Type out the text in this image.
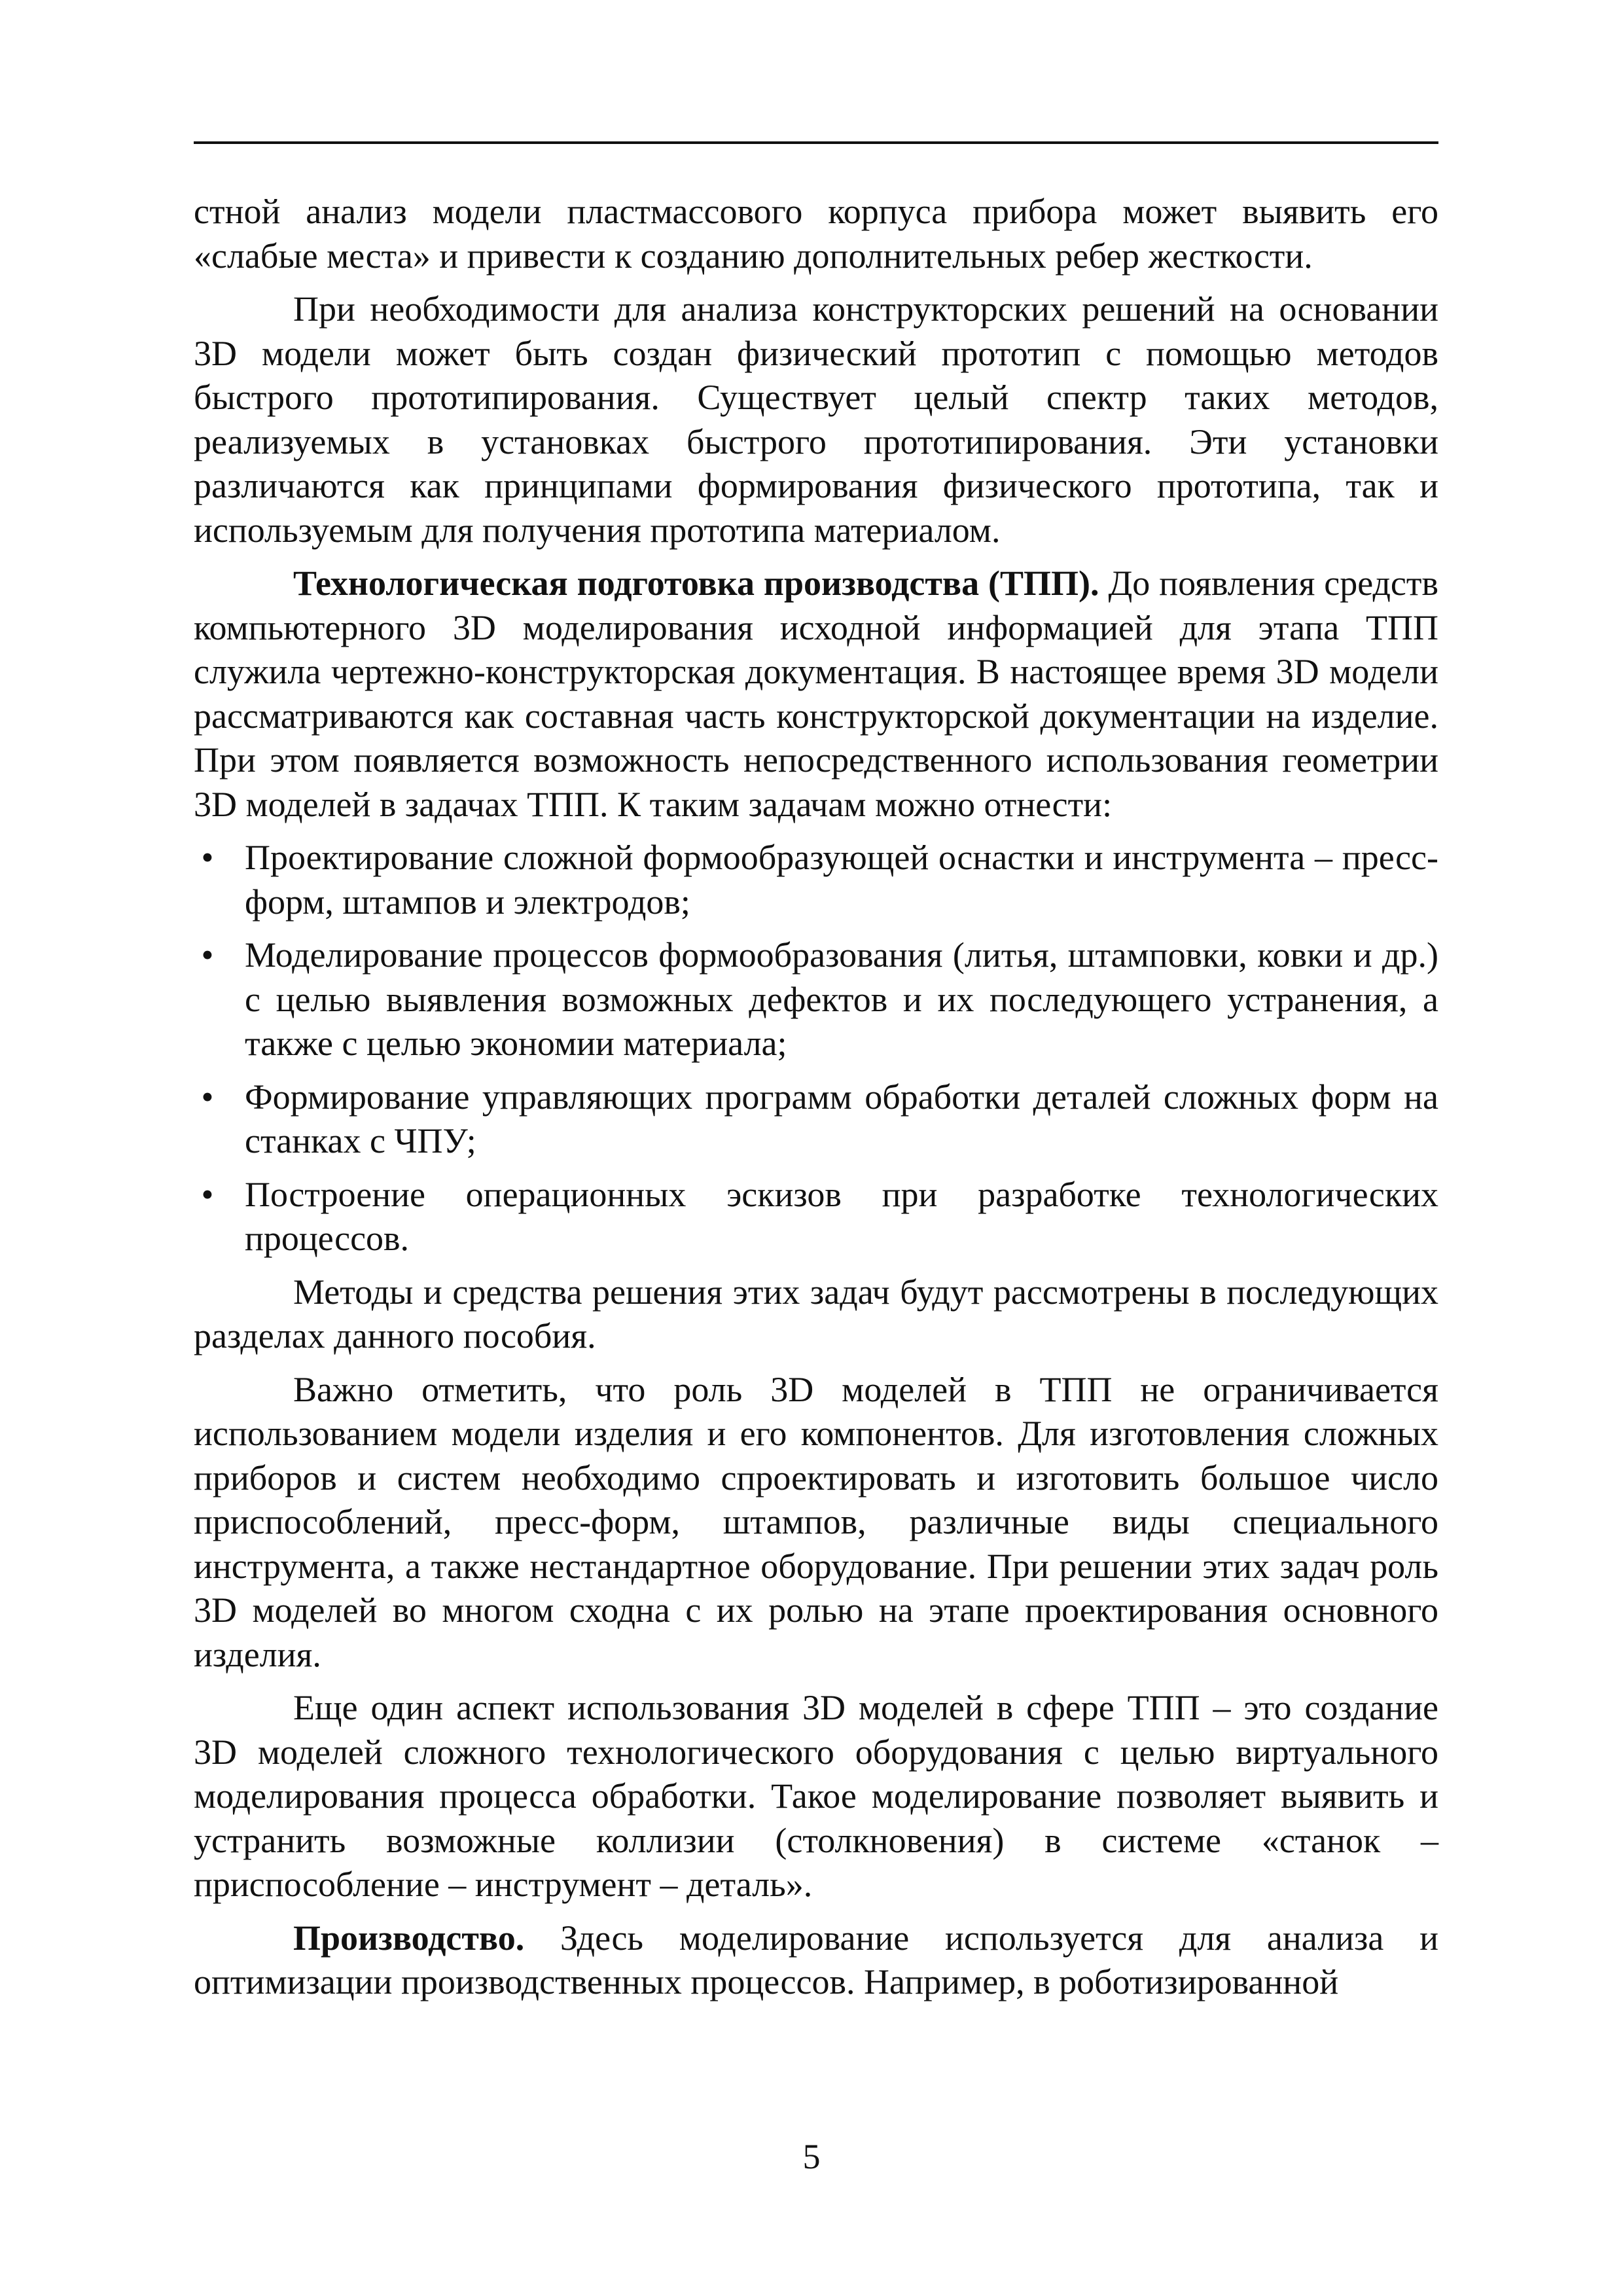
стной анализ модели пластмассового корпуса прибора может выявить его «слабые места» и привести к созданию дополнительных ребер жесткости.

При необходимости для анализа конструкторских решений на основании 3D модели может быть создан физический прототип с помощью методов быстрого прототипирования. Существует целый спектр таких методов, реализуемых в установках быстрого прототипирования. Эти установки различаются как принципами формирования физического прототипа, так и используемым для получения прототипа материалом.

Технологическая подготовка производства (ТПП). До появления средств компьютерного 3D моделирования исходной информацией для этапа ТПП служила чертежно-конструкторская документация. В настоящее время 3D модели рассматриваются как составная часть конструкторской документации на изделие. При этом появляется возможность непосредственного использования геометрии 3D моделей в задачах ТПП. К таким задачам можно отнести:

• Проектирование сложной формообразующей оснастки и инструмента – пресс-форм, штампов и электродов;
• Моделирование процессов формообразования (литья, штамповки, ковки и др.) с целью выявления возможных дефектов и их последующего устранения, а также с целью экономии материала;
• Формирование управляющих программ обработки деталей сложных форм на станках с ЧПУ;
• Построение операционных эскизов при разработке технологических процессов.

Методы и средства решения этих задач будут рассмотрены в последующих разделах данного пособия.

Важно отметить, что роль 3D моделей в ТПП не ограничивается использованием модели изделия и его компонентов. Для изготовления сложных приборов и систем необходимо спроектировать и изготовить большое число приспособлений, пресс-форм, штампов, различные виды специального инструмента, а также нестандартное оборудование. При решении этих задач роль 3D моделей во многом сходна с их ролью на этапе проектирования основного изделия.

Еще один аспект использования 3D моделей в сфере ТПП – это создание 3D моделей сложного технологического оборудования с целью виртуального моделирования процесса обработки. Такое моделирование позволяет выявить и устранить возможные коллизии (столкновения) в системе «станок – приспособление – инструмент – деталь».

Производство. Здесь моделирование используется для анализа и оптимизации производственных процессов. Например, в роботизированной

5
